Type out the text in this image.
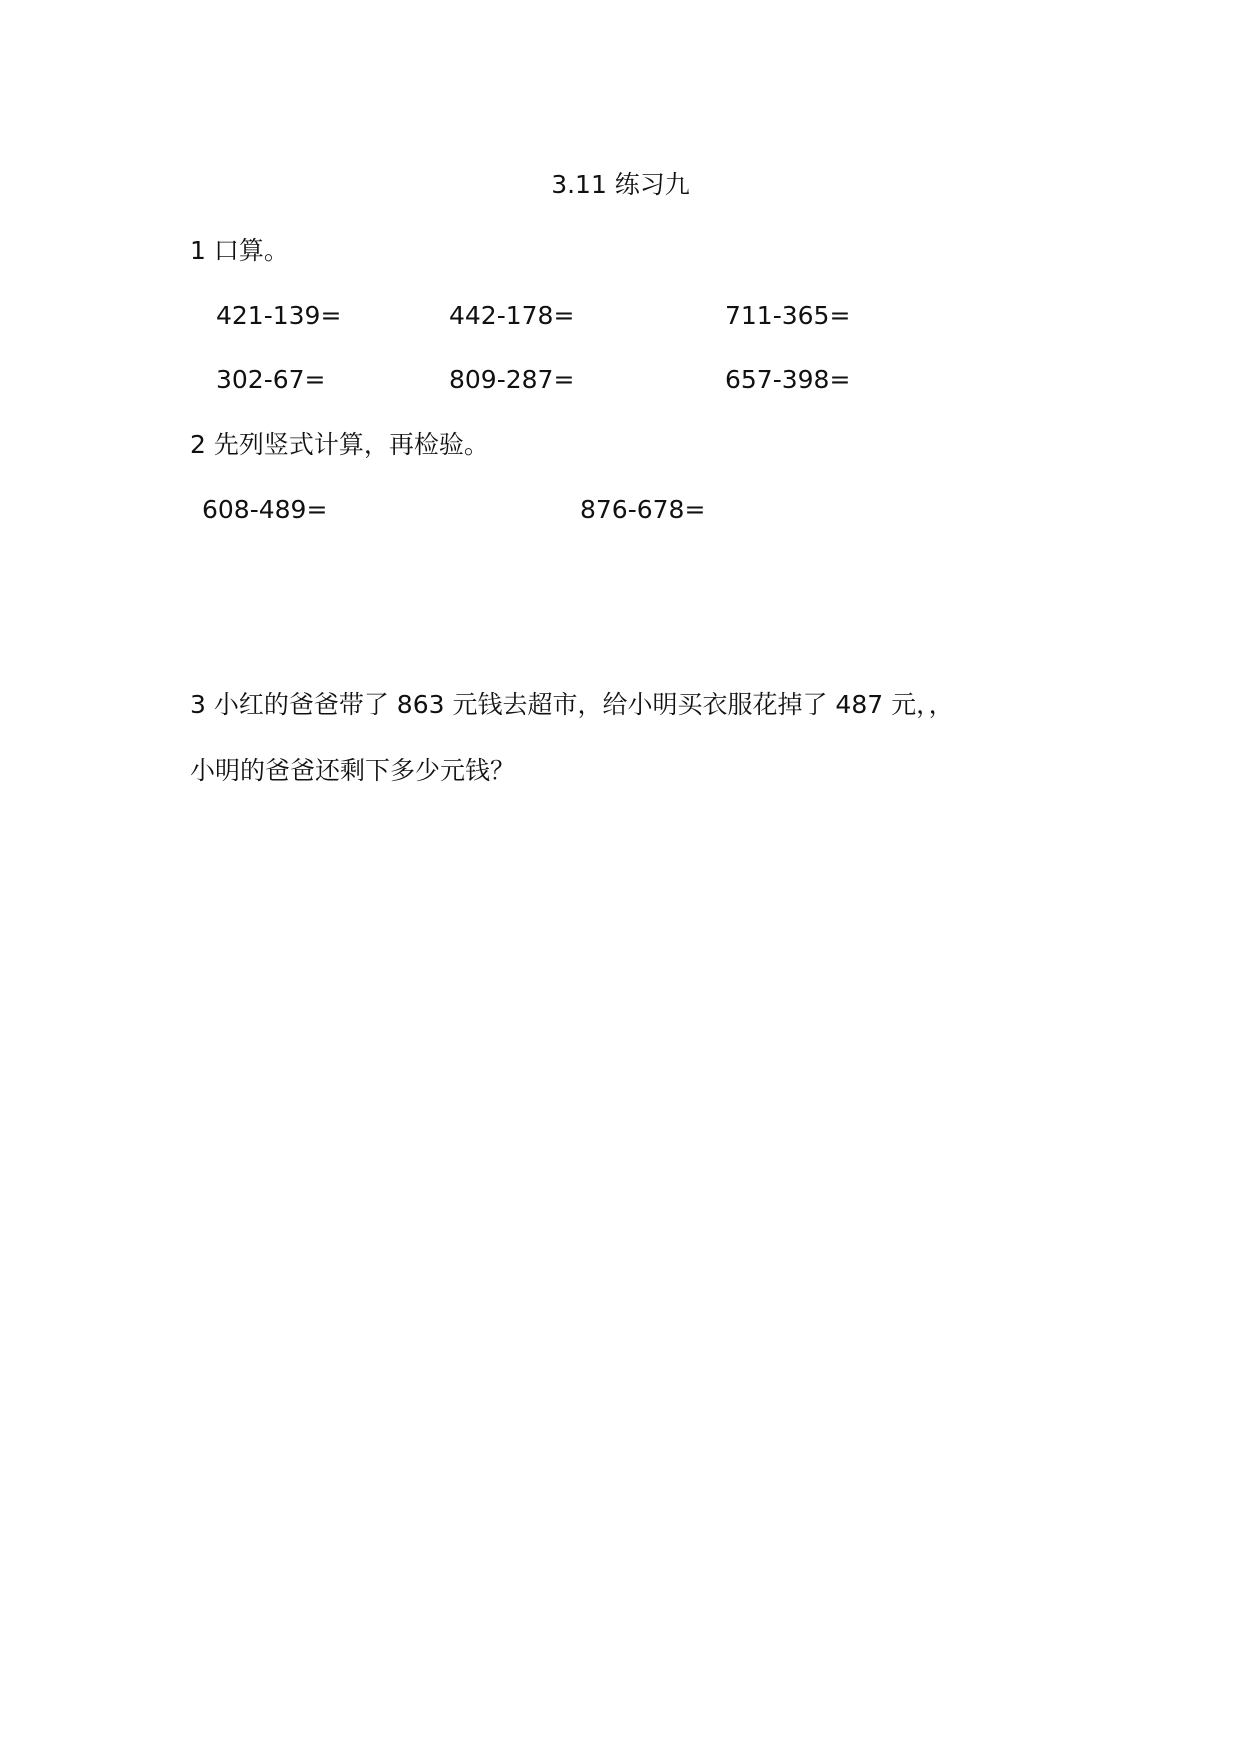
3.11 练习九
1 口算。
421-139=	442-178=	711-365=
302-67=	809-287=	657-398=
2 先列竖式计算，再检验。
608-489=	876-678=
3 小红的爸爸带了 863 元钱去超市，给小明买衣服花掉了 487 元，，
小明的爸爸还剩下多少元钱？
